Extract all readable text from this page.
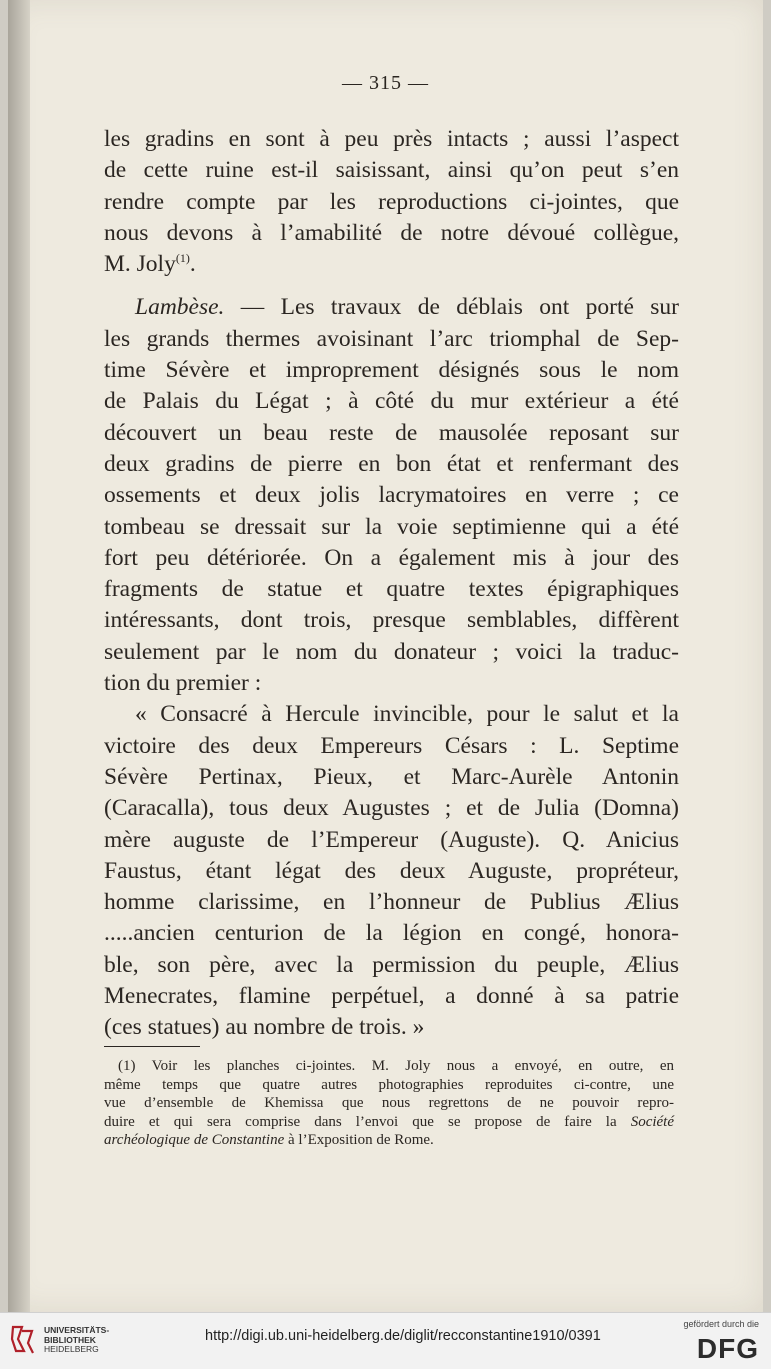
— 315 —
les gradins en sont à peu près intacts ; aussi l’aspect
de cette ruine est-il saisissant, ainsi qu’on peut s’en
rendre compte par les reproductions ci-jointes, que
nous devons à l’amabilité de notre dévoué collègue,
M. Joly$^{(1)}$.
Lambèse. — Les travaux de déblais ont porté sur
les grands thermes avoisinant l’arc triomphal de Sep-
time Sévère et improprement désignés sous le nom
de Palais du Légat ; à côté du mur extérieur a été
découvert un beau reste de mausolée reposant sur
deux gradins de pierre en bon état et renfermant des
ossements et deux jolis lacrymatoires en verre ; ce
tombeau se dressait sur la voie septimienne qui a été
fort peu détériorée. On a également mis à jour des
fragments de statue et quatre textes épigraphiques
intéressants, dont trois, presque semblables, diffèrent
seulement par le nom du donateur ; voici la traduc-
tion du premier :
« Consacré à Hercule invincible, pour le salut et la
victoire des deux Empereurs Césars : L. Septime
Sévère Pertinax, Pieux, et Marc-Aurèle Antonin
(Caracalla), tous deux Augustes ; et de Julia (Domna)
mère auguste de l’Empereur (Auguste). Q. Anicius
Faustus, étant légat des deux Auguste, propréteur,
homme clarissime, en l’honneur de Publius Ælius
.....ancien centurion de la légion en congé, honora-
ble, son père, avec la permission du peuple, Ælius
Menecrates, flamine perpétuel, a donné à sa patrie
(ces statues) au nombre de trois. »
(1) Voir les planches ci-jointes. M. Joly nous a envoyé, en outre, en
même temps que quatre autres photographies reproduites ci-contre, une
vue d’ensemble de Khemissa que nous regrettons de ne pouvoir repro-
duire et qui sera comprise dans l’envoi que se propose de faire la Société
archéologique de Constantine à l’Exposition de Rome.
UNIVERSITÄTS-
BIBLIOTHEK
HEIDELBERG
http://digi.ub.uni-heidelberg.de/diglit/recconstantine1910/0391
gefördert durch die
DFG
